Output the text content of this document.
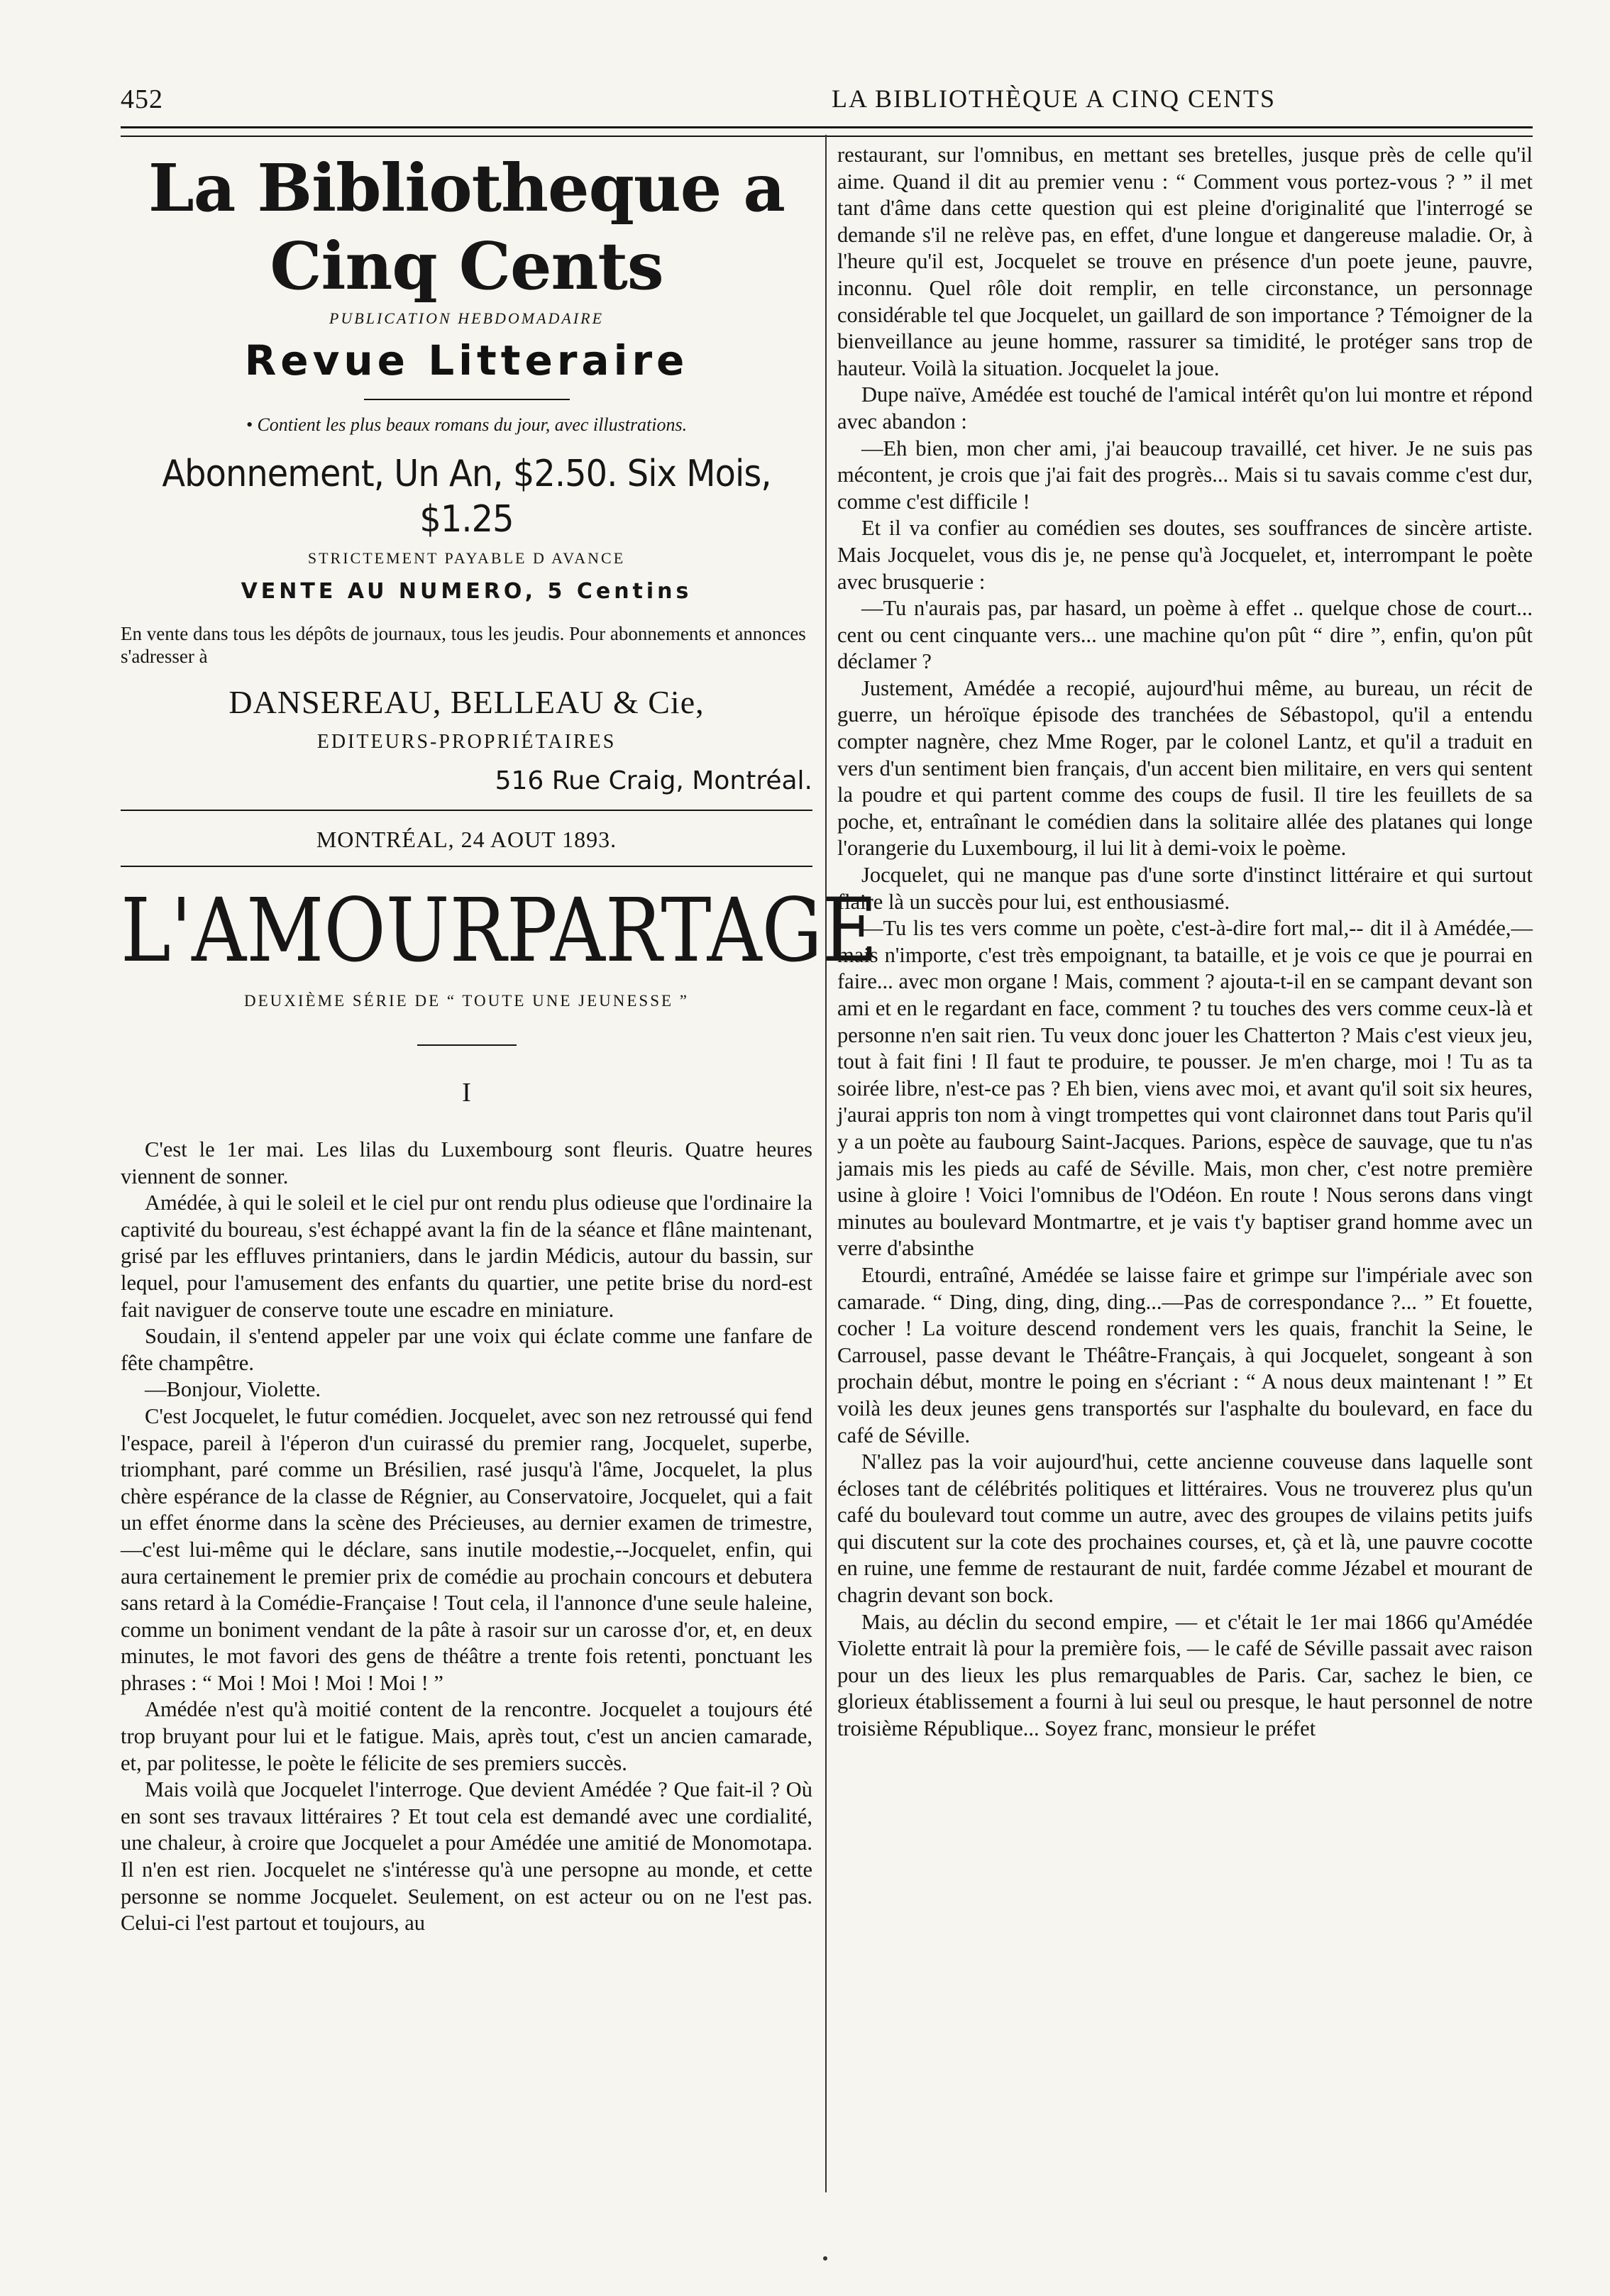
452	LA BIBLIOTHÈQUE A CINQ CENTS
La Bibliotheque a Cinq Cents
PUBLICATION HEBDOMADAIRE
Revue Litteraire
• Contient les plus beaux romans du jour, avec illustrations.
Abonnement, Un An, $2.50. Six Mois, $1.25
STRICTEMENT PAYABLE D AVANCE
VENTE AU NUMERO, 5 Centins
En vente dans tous les dépôts de journaux, tous les jeudis. Pour abonnements et annonces s'adresser à
DANSEREAU, BELLEAU & Cie,
EDITEURS-PROPRIÉTAIRES
516 Rue Craig, Montréal.
MONTRÉAL, 24 AOUT 1893.
L'AMOUR PARTAGE
DEUXIÈME SÉRIE DE “ TOUTE UNE JEUNESSE ”
I

C'est le 1er mai. Les lilas du Luxembourg sont fleuris. Quatre heures viennent de sonner.

Amédée, à qui le soleil et le ciel pur ont rendu plus odieuse que l'ordinaire la captivité du boureau, s'est échappé avant la fin de la séance et flâne maintenant, grisé par les effluves printaniers, dans le jardin Médicis, autour du bassin, sur lequel, pour l'amusement des enfants du quartier, une petite brise du nord-est fait naviguer de conserve toute une escadre en miniature.

Soudain, il s'entend appeler par une voix qui éclate comme une fanfare de fête champêtre.

—Bonjour, Violette.

C'est Jocquelet, le futur comédien. Jocquelet, avec son nez retroussé qui fend l'espace, pareil à l'éperon d'un cuirassé du premier rang, Jocquelet, superbe, triomphant, paré comme un Brésilien, rasé jusqu'à l'âme, Jocquelet, la plus chère espérance de la classe de Régnier, au Conservatoire, Jocquelet, qui a fait un effet énorme dans la scène des Précieuses, au dernier examen de trimestre,—c'est lui-même qui le déclare, sans inutile modestie,--Jocquelet, enfin, qui aura certainement le premier prix de comédie au prochain concours et debutera sans retard à la Comédie-Française ! Tout cela, il l'annonce d'une seule haleine, comme un boniment vendant de la pâte à rasoir sur un carosse d'or, et, en deux minutes, le mot favori des gens de théâtre a trente fois retenti, ponctuant les phrases : “ Moi ! Moi ! Moi ! Moi ! ”

Amédée n'est qu'à moitié content de la rencontre. Jocquelet a toujours été trop bruyant pour lui et le fatigue. Mais, après tout, c'est un ancien camarade, et, par politesse, le poète le félicite de ses premiers succès.

Mais voilà que Jocquelet l'interroge. Que devient Amédée ? Que fait-il ? Où en sont ses travaux littéraires ? Et tout cela est demandé avec une cordialité, une chaleur, à croire que Jocquelet a pour Amédée une amitié de Monomotapa. Il n'en est rien. Jocquelet ne s'intéresse qu'à une persopne au monde, et cette personne se nomme Jocquelet. Seulement, on est acteur ou on ne l'est pas. Celui-ci l'est partout et toujours, au

restaurant, sur l'omnibus, en mettant ses bretelles, jusque près de celle qu'il aime. Quand il dit au premier venu : “ Comment vous portez-vous ? ” il met tant d'âme dans cette question qui est pleine d'originalité que l'interrogé se demande s'il ne relève pas, en effet, d'une longue et dangereuse maladie. Or, à l'heure qu'il est, Jocquelet se trouve en présence d'un poete jeune, pauvre, inconnu. Quel rôle doit remplir, en telle circonstance, un personnage considérable tel que Jocquelet, un gaillard de son importance ? Témoigner de la bienveillance au jeune homme, rassurer sa timidité, le protéger sans trop de hauteur. Voilà la situation. Jocquelet la joue.

Dupe naïve, Amédée est touché de l'amical intérêt qu'on lui montre et répond avec abandon :

—Eh bien, mon cher ami, j'ai beaucoup travaillé, cet hiver. Je ne suis pas mécontent, je crois que j'ai fait des progrès... Mais si tu savais comme c'est dur, comme c'est difficile !

Et il va confier au comédien ses doutes, ses souffrances de sincère artiste. Mais Jocquelet, vous dis je, ne pense qu'à Jocquelet, et, interrompant le poète avec brusquerie :

—Tu n'aurais pas, par hasard, un poème à effet .. quelque chose de court... cent ou cent cinquante vers... une machine qu'on pût “ dire ”, enfin, qu'on pût déclamer ?

Justement, Amédée a recopié, aujourd'hui même, au bureau, un récit de guerre, un héroïque épisode des tranchées de Sébastopol, qu'il a entendu compter nagnère, chez Mme Roger, par le colonel Lantz, et qu'il a traduit en vers d'un sentiment bien français, d'un accent bien militaire, en vers qui sentent la poudre et qui partent comme des coups de fusil. Il tire les feuillets de sa poche, et, entraînant le comédien dans la solitaire allée des platanes qui longe l'orangerie du Luxembourg, il lui lit à demi-voix le poème.

Jocquelet, qui ne manque pas d'une sorte d'instinct littéraire et qui surtout flaire là un succès pour lui, est enthousiasmé.

—Tu lis tes vers comme un poète, c'est-à-dire fort mal,-- dit il à Amédée,—mais n'importe, c'est très empoignant, ta bataille, et je vois ce que je pourrai en faire... avec mon organe ! Mais, comment ? ajouta-t-il en se campant devant son ami et en le regardant en face, comment ? tu touches des vers comme ceux-là et personne n'en sait rien. Tu veux donc jouer les Chatterton ? Mais c'est vieux jeu, tout à fait fini ! Il faut te produire, te pousser. Je m'en charge, moi ! Tu as ta soirée libre, n'est-ce pas ? Eh bien, viens avec moi, et avant qu'il soit six heures, j'aurai appris ton nom à vingt trompettes qui vont claironnet dans tout Paris qu'il y a un poète au faubourg Saint-Jacques. Parions, espèce de sauvage, que tu n'as jamais mis les pieds au café de Séville. Mais, mon cher, c'est notre première usine à gloire ! Voici l'omnibus de l'Odéon. En route ! Nous serons dans vingt minutes au boulevard Montmartre, et je vais t'y baptiser grand homme avec un verre d'absinthe

Etourdi, entraîné, Amédée se laisse faire et grimpe sur l'impériale avec son camarade. “ Ding, ding, ding, ding...—Pas de correspondance ?... ” Et fouette, cocher ! La voiture descend rondement vers les quais, franchit la Seine, le Carrousel, passe devant le Théâtre-Français, à qui Jocquelet, songeant à son prochain début, montre le poing en s'écriant : “ A nous deux maintenant ! ” Et voilà les deux jeunes gens transportés sur l'asphalte du boulevard, en face du café de Séville.

N'allez pas la voir aujourd'hui, cette ancienne couveuse dans laquelle sont écloses tant de célébrités politiques et littéraires. Vous ne trouverez plus qu'un café du boulevard tout comme un autre, avec des groupes de vilains petits juifs qui discutent sur la cote des prochaines courses, et, çà et là, une pauvre cocotte en ruine, une femme de restaurant de nuit, fardée comme Jézabel et mourant de chagrin devant son bock.

Mais, au déclin du second empire, — et c'était le 1er mai 1866 qu'Amédée Violette entrait là pour la première fois, — le café de Séville passait avec raison pour un des lieux les plus remarquables de Paris. Car, sachez le bien, ce glorieux établissement a fourni à lui seul ou presque, le haut personnel de notre troisième République... Soyez franc, monsieur le préfet
